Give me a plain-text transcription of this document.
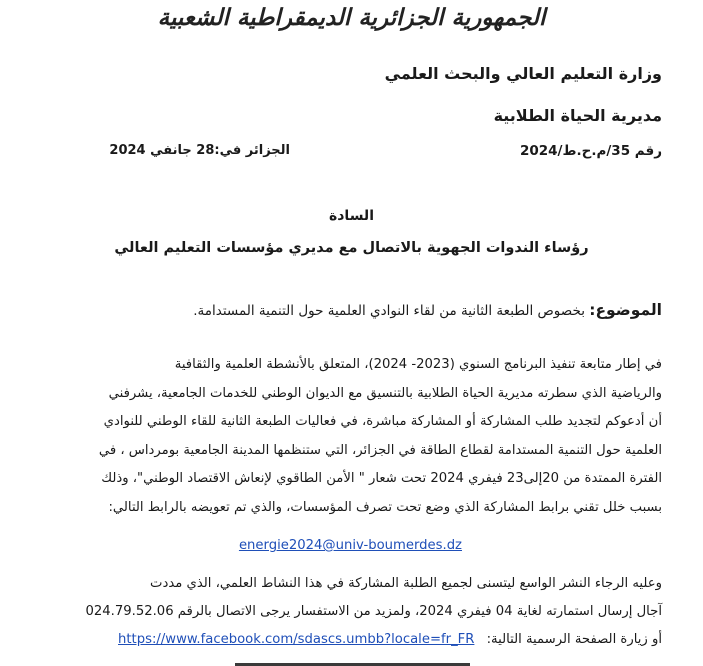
الجمهورية الجزائرية الديمقراطية الشعبية
وزارة التعليم العالي والبحث العلمي
مديرية الحياة الطلابية
رقم 35/م.ح.ط/2024
الجزائر في:28 جانفي 2024
السادة
رؤساء الندوات الجهوية بالاتصال مع مديري مؤسسات التعليم العالي
الموضوع: بخصوص الطبعة الثانية من لقاء النوادي العلمية حول التنمية المستدامة.
في إطار متابعة تنفيذ البرنامج السنوي (2023- 2024)، المتعلق بالأنشطة العلمية والثقافية
والرياضية الذي سطرته مديرية الحياة الطلابية بالتنسيق مع الديوان الوطني للخدمات الجامعية، يشرفني
أن أدعوكم لتجديد طلب المشاركة أو المشاركة مباشرة، في فعاليات الطبعة الثانية للقاء الوطني للنوادي
العلمية حول التنمية المستدامة لقطاع الطاقة في الجزائر، التي ستنظمها المدينة الجامعية بومرداس ، في
الفترة الممتدة من 20إلى23 فيفري 2024 تحت شعار " الأمن الطاقوي لإنعاش الاقتصاد الوطني"، وذلك
بسبب خلل تقني برابط المشاركة الذي وضع تحت تصرف المؤسسات، والذي تم تعويضه بالرابط التالي:
energie2024@univ-boumerdes.dz
وعليه الرجاء النشر الواسع ليتسنى لجميع الطلبة المشاركة في هذا النشاط العلمي، الذي مددت
آجال إرسال استمارته لغاية 04 فيفري 2024، ولمزيد من الاستفسار يرجى الاتصال بالرقم 024.79.52.06
أو زيارة الصفحة الرسمية التالية: https://www.facebook.com/sdascs.umbb?locale=fr_FR
